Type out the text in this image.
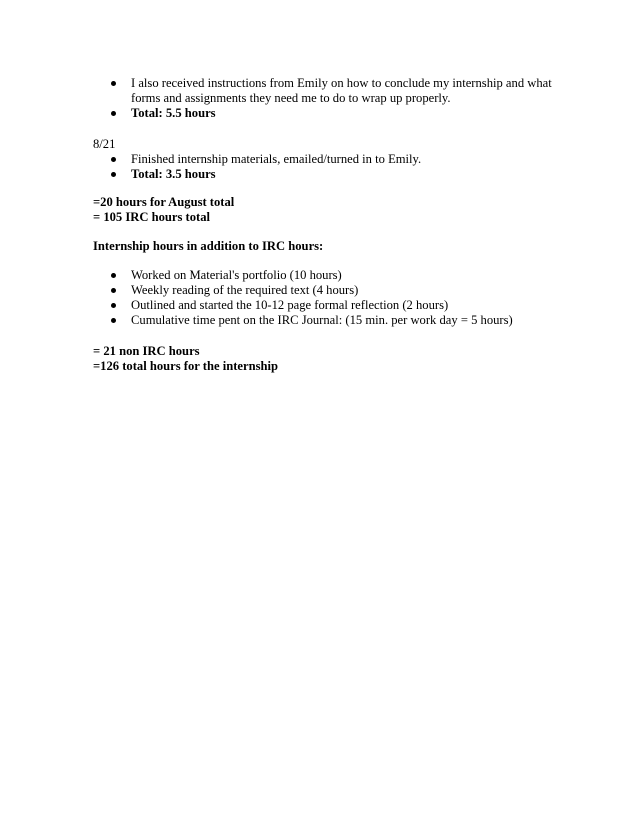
I also received instructions from Emily on how to conclude my internship and what forms and assignments they need me to do to wrap up properly.
Total: 5.5 hours
8/21
Finished internship materials, emailed/turned in to Emily.
Total: 3.5 hours
=20 hours for August total
= 105 IRC hours total
Internship hours in addition to IRC hours:
Worked on Material's portfolio (10 hours)
Weekly reading of the required text (4 hours)
Outlined and started the 10-12 page formal reflection (2 hours)
Cumulative time pent on the IRC Journal: (15 min. per work day = 5 hours)
= 21 non IRC hours
=126 total hours for the internship
